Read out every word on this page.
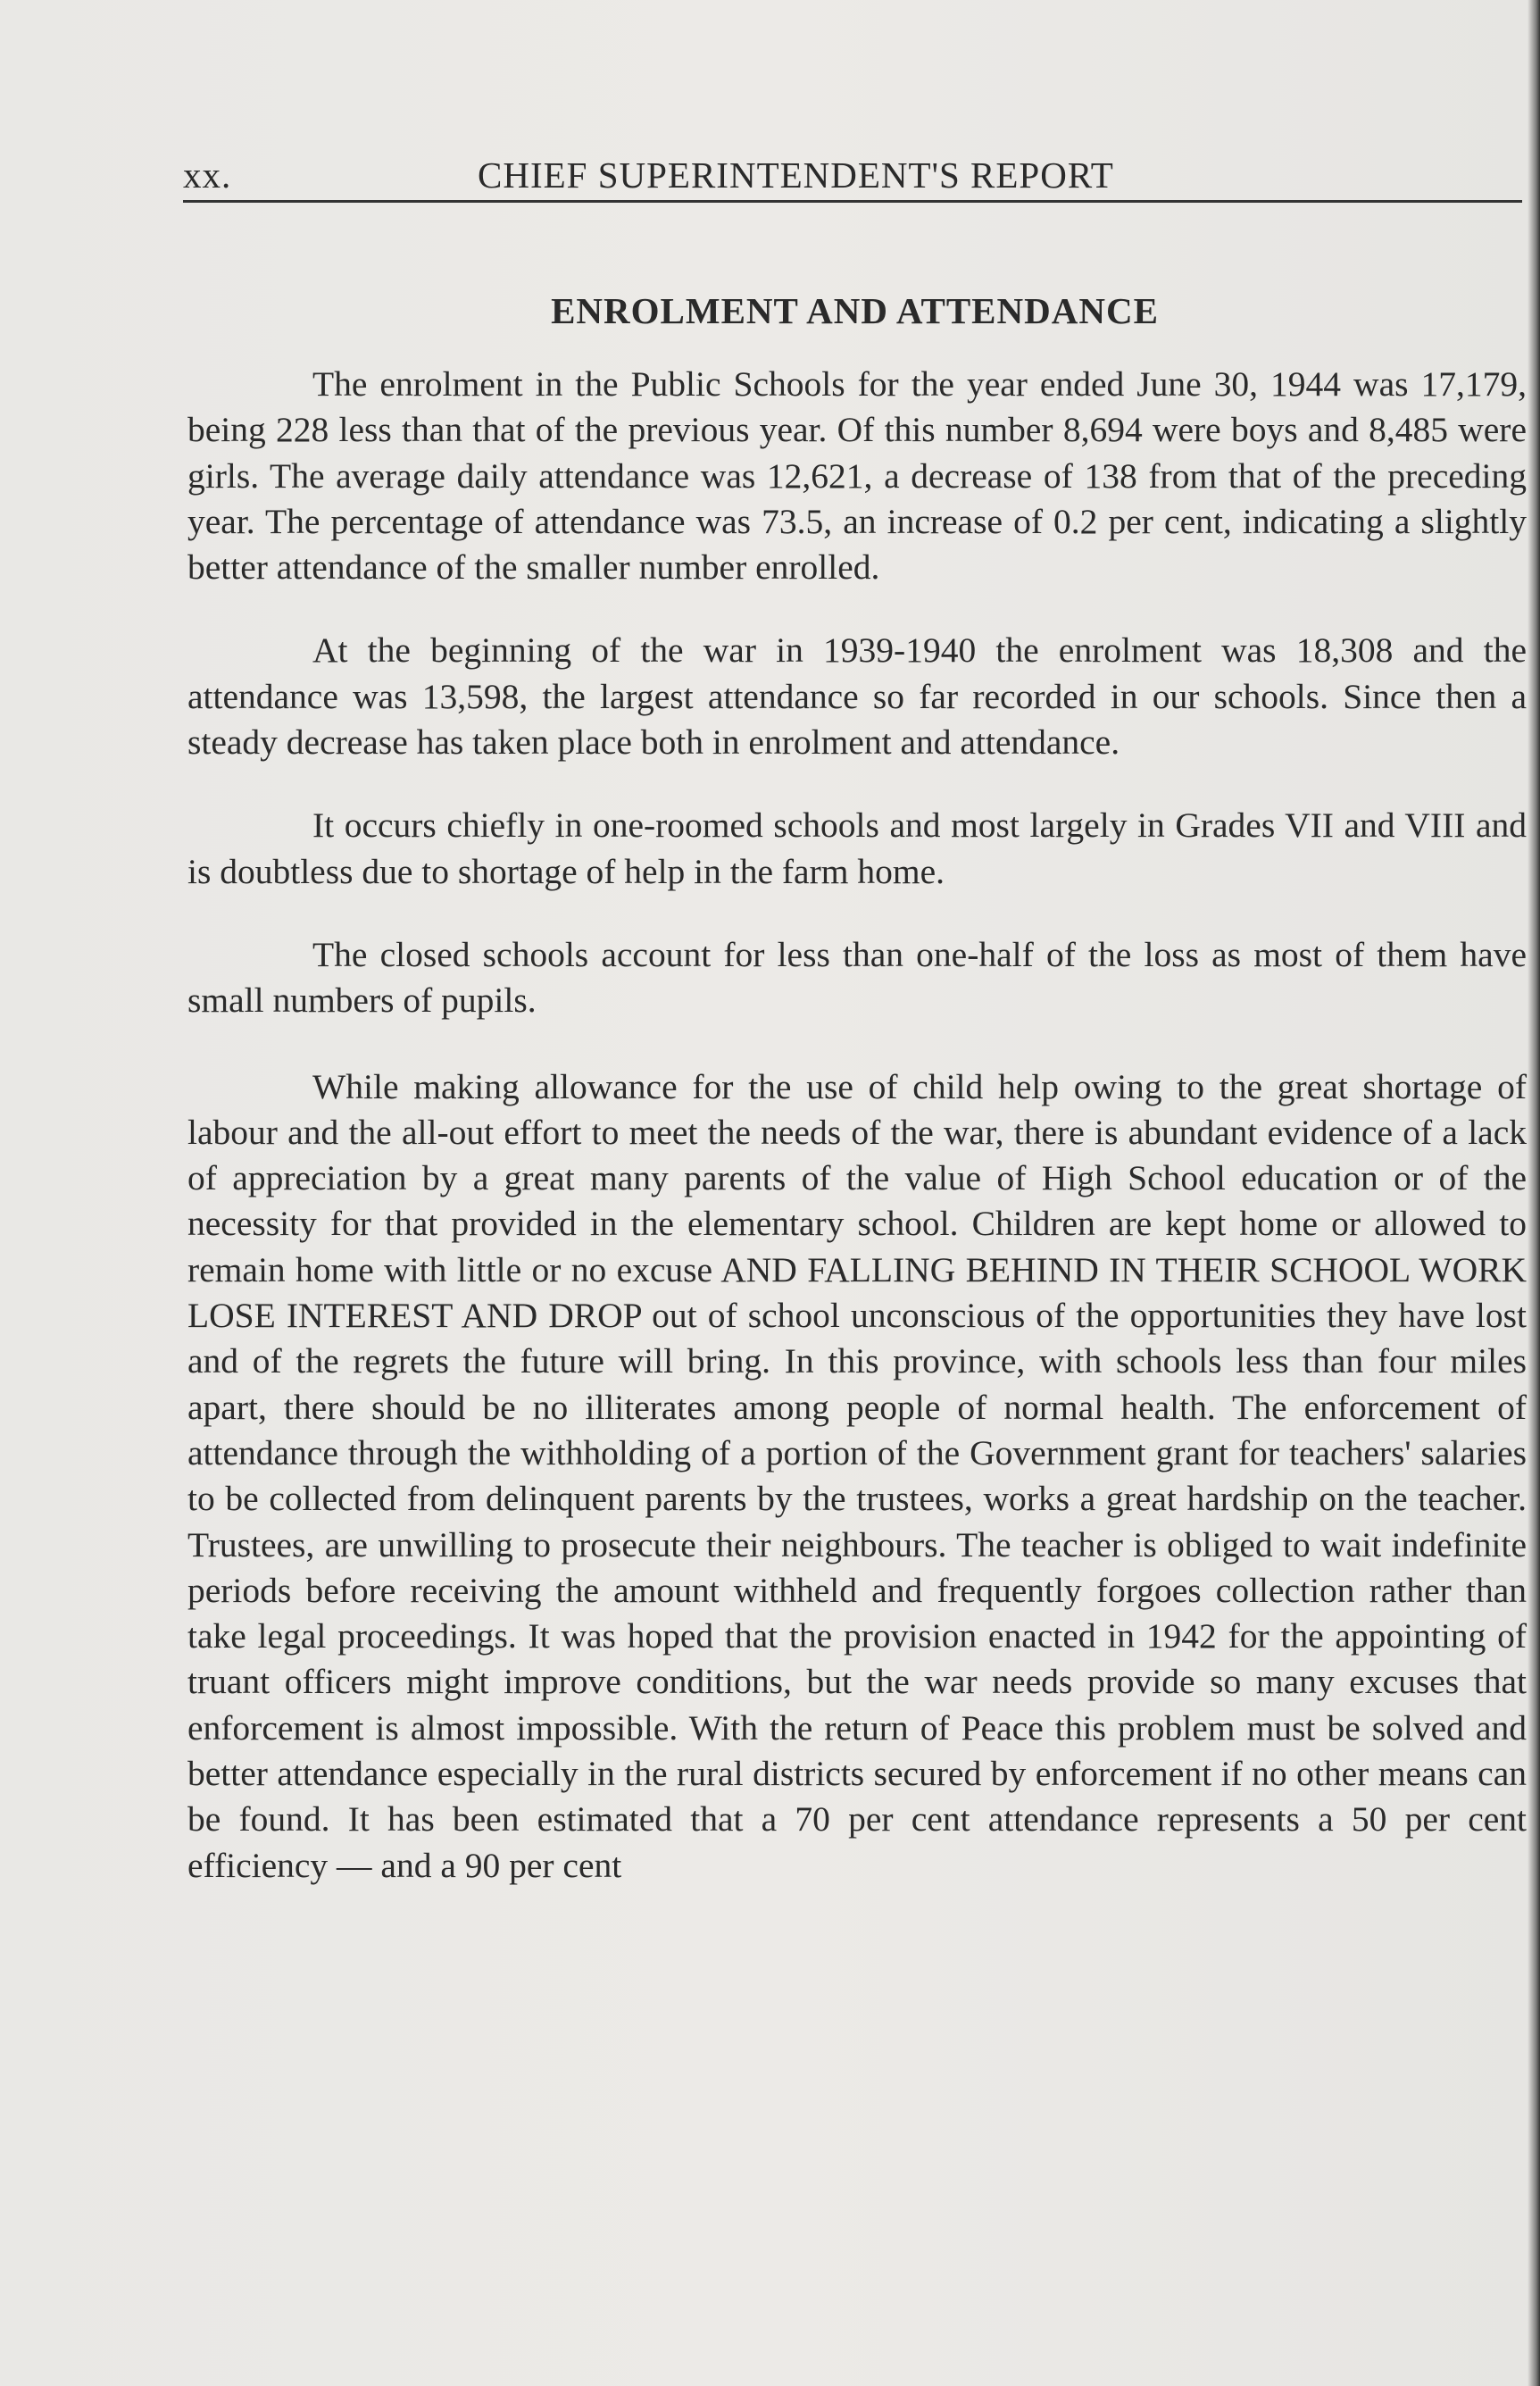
xx.	CHIEF SUPERINTENDENT'S REPORT
ENROLMENT AND ATTENDANCE

The enrolment in the Public Schools for the year ended June 30, 1944 was 17,179, being 228 less than that of the previous year. Of this number 8,694 were boys and 8,485 were girls. The average daily attendance was 12,621, a decrease of 138 from that of the preceding year. The percentage of attendance was 73.5, an increase of 0.2 per cent, indicating a slightly better attendance of the smaller number enrolled.

At the beginning of the war in 1939-1940 the enrolment was 18,308 and the attendance was 13,598, the largest attendance so far recorded in our schools. Since then a steady decrease has taken place both in enrolment and attendance.

It occurs chiefly in one-roomed schools and most largely in Grades VII and VIII and is doubtless due to shortage of help in the farm home.

The closed schools account for less than one-half of the loss as most of them have small numbers of pupils.

While making allowance for the use of child help owing to the great shortage of labour and the all-out effort to meet the needs of the war, there is abundant evidence of a lack of appreciation by a great many parents of the value of High School education or of the necessity for that provided in the elementary school. Children are kept home or allowed to remain home with little or no excuse AND FALLING BEHIND IN THEIR SCHOOL WORK LOSE INTEREST AND DROP out of school unconscious of the opportunities they have lost and of the regrets the future will bring. In this province, with schools less than four miles apart, there should be no illiterates among people of normal health. The enforcement of attendance through the withholding of a portion of the Government grant for teachers' salaries to be collected from delinquent parents by the trustees, works a great hardship on the teacher. Trustees, are unwilling to prosecute their neighbours. The teacher is obliged to wait indefinite periods before receiving the amount withheld and frequently forgoes collection rather than take legal proceedings. It was hoped that the provision enacted in 1942 for the appointing of truant officers might improve conditions, but the war needs provide so many excuses that enforcement is almost impossible. With the return of Peace this problem must be solved and better attendance especially in the rural districts secured by enforcement if no other means can be found. It has been estimated that a 70 per cent attendance represents a 50 per cent efficiency — and a 90 per cent
